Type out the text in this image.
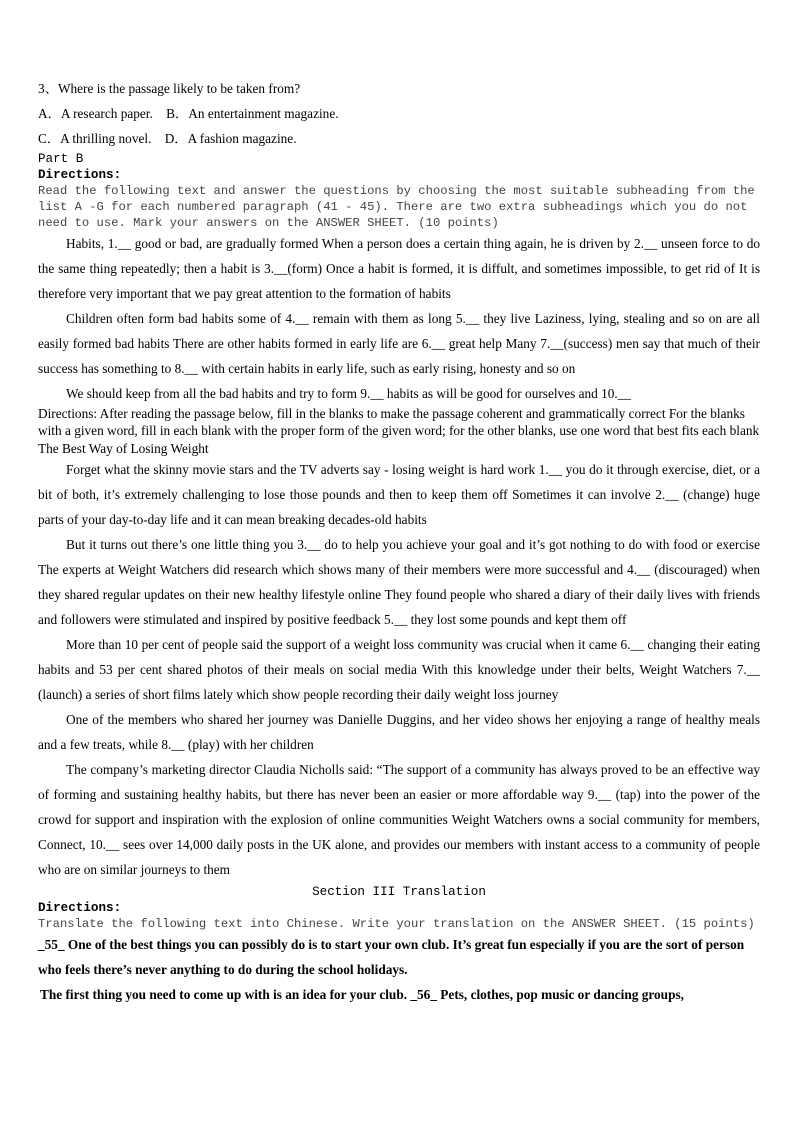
3、Where is the passage likely to be taken from?
A．A research paper.    B．An entertainment magazine.
C．A thrilling novel.    D．A fashion magazine.
Part B
Directions:
Read the following text and answer the questions by choosing the most suitable subheading from the list A -G for each numbered paragraph (41 - 45). There are two extra subheadings which you do not need to use. Mark your answers on the ANSWER SHEET. (10 points)

Habits, 1.__ good or bad, are gradually formed When a person does a certain thing again, he is driven by 2.__ unseen force to do the same thing repeatedly; then a habit is 3.__(form) Once a habit is formed, it is diffult, and sometimes impossible, to get rid of It is therefore very important that we pay great attention to the formation of habits

Children often form bad habits some of 4.__ remain with them as long 5.__ they live Laziness, lying, stealing and so on are all easily formed bad habits There are other habits formed in early life are 6.__ great help Many 7.__(success) men say that much of their success has something to 8.__ with certain habits in early life, such as early rising, honesty and so on

We should keep from all the bad habits and try to form 9.__ habits as will be good for ourselves and 10.__

Directions: After reading the passage below, fill in the blanks to make the passage coherent and grammatically correct For the blanks with a given word, fill in each blank with the proper form of the given word; for the other blanks, use one word that best fits each blank

The Best Way of Losing Weight

Forget what the skinny movie stars and the TV adverts say - losing weight is hard work 1.__ you do it through exercise, diet, or a bit of both, it’s extremely challenging to lose those pounds and then to keep them off Sometimes it can involve 2.__ (change) huge parts of your day-to-day life and it can mean breaking decades-old habits

But it turns out there’s one little thing you 3.__ do to help you achieve your goal and it’s got nothing to do with food or exercise The experts at Weight Watchers did research which shows many of their members were more successful and 4.__ (discouraged) when they shared regular updates on their new healthy lifestyle online They found people who shared a diary of their daily lives with friends and followers were stimulated and inspired by positive feedback 5.__ they lost some pounds and kept them off

More than 10 per cent of people said the support of a weight loss community was crucial when it came 6.__ changing their eating habits and 53 per cent shared photos of their meals on social media With this knowledge under their belts, Weight Watchers 7.__ (launch) a series of short films lately which show people recording their daily weight loss journey

One of the members who shared her journey was Danielle Duggins, and her video shows her enjoying a range of healthy meals and a few treats, while 8.__ (play) with her children

The company’s marketing director Claudia Nicholls said: “The support of a community has always proved to be an effective way of forming and sustaining healthy habits, but there has never been an easier or more affordable way 9.__ (tap) into the power of the crowd for support and inspiration with the explosion of online communities Weight Watchers owns a social community for members, Connect, 10.__ sees over 14,000 daily posts in the UK alone, and provides our members with instant access to a community of people who are on similar journeys to them

Section III Translation
Directions:
Translate the following text into Chinese. Write your translation on the ANSWER SHEET. (15 points)

_55_ One of the best things you can possibly do is to start your own club. It’s great fun especially if you are the sort of person who feels there’s never anything to do during the school holidays.

The first thing you need to come up with is an idea for your club. _56_ Pets, clothes, pop music or dancing groups,
